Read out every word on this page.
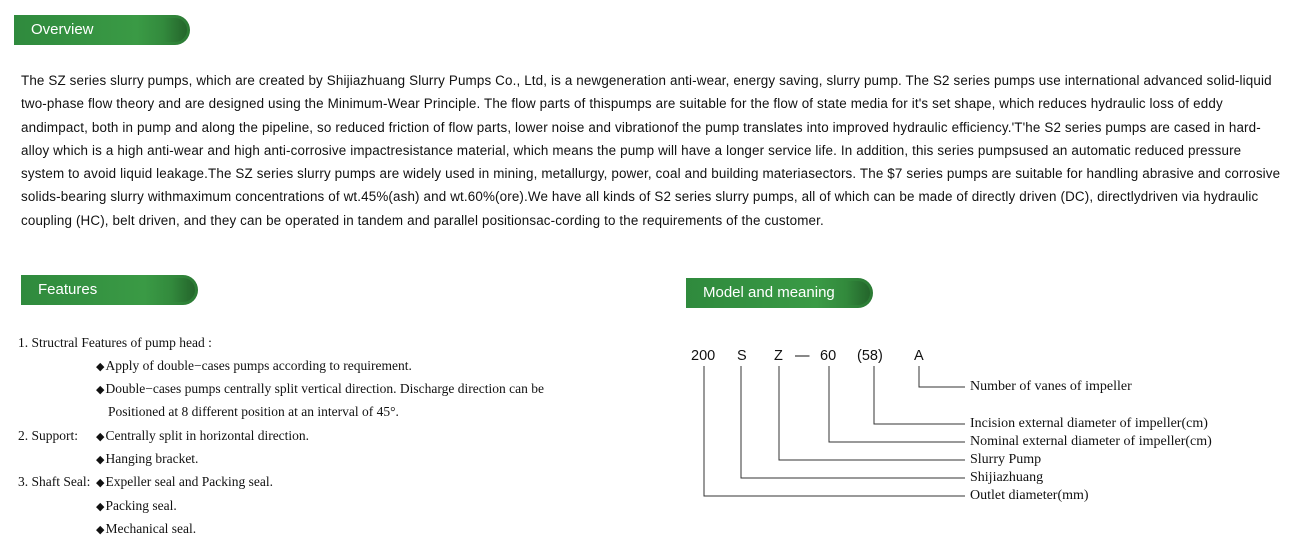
Overview

The SZ series slurry pumps, which are created by Shijiazhuang Slurry Pumps Co., Ltd, is a newgeneration anti-wear, energy saving, slurry pump. The S2 series pumps use international advanced solid-liquid two-phase flow theory and are designed using the Minimum-Wear Principle. The flow parts of thispumps are suitable for the flow of state media for it's set shape, which reduces hydraulic loss of eddy andimpact, both in pump and along the pipeline, so reduced friction of flow parts, lower noise and vibrationof the pump translates into improved hydraulic efficiency.'T'he S2 series pumps are cased in hard-alloy which is a high anti-wear and high anti-corrosive impactresistance material, which means the pump will have a longer service life. In addition, this series pumpsused an automatic reduced pressure system to avoid liquid leakage.The SZ series slurry pumps are widely used in mining, metallurgy, power, coal and building materiasectors. The $7 series pumps are suitable for handling abrasive and corrosive solids-bearing slurry withmaximum concentrations of wt.45%(ash) and wt.60%(ore).We have all kinds of S2 series slurry pumps, all of which can be made of directly driven (DC), directlydriven via hydraulic coupling (HC), belt driven, and they can be operated in tandem and parallel positionsac-cording to the requirements of the customer.

Features
1. Structral Features of pump head :
◆Apply of double−cases pumps according to requirement.
◆Double−cases pumps centrally split vertical direction. Discharge direction can be
Positioned at 8 different position at an interval of 45°.
2. Support: ◆Centrally split in horizontal direction.
◆Hanging bracket.
3. Shaft Seal: ◆Expeller seal and Packing seal.
◆Packing seal.
◆Mechanical seal.
Model and meaning
200 S Z — 60 (58) A
Number of vanes of impeller
Incision external diameter of impeller(cm)
Nominal external diameter of impeller(cm)
Slurry Pump
Shijiazhuang
Outlet diameter(mm)
